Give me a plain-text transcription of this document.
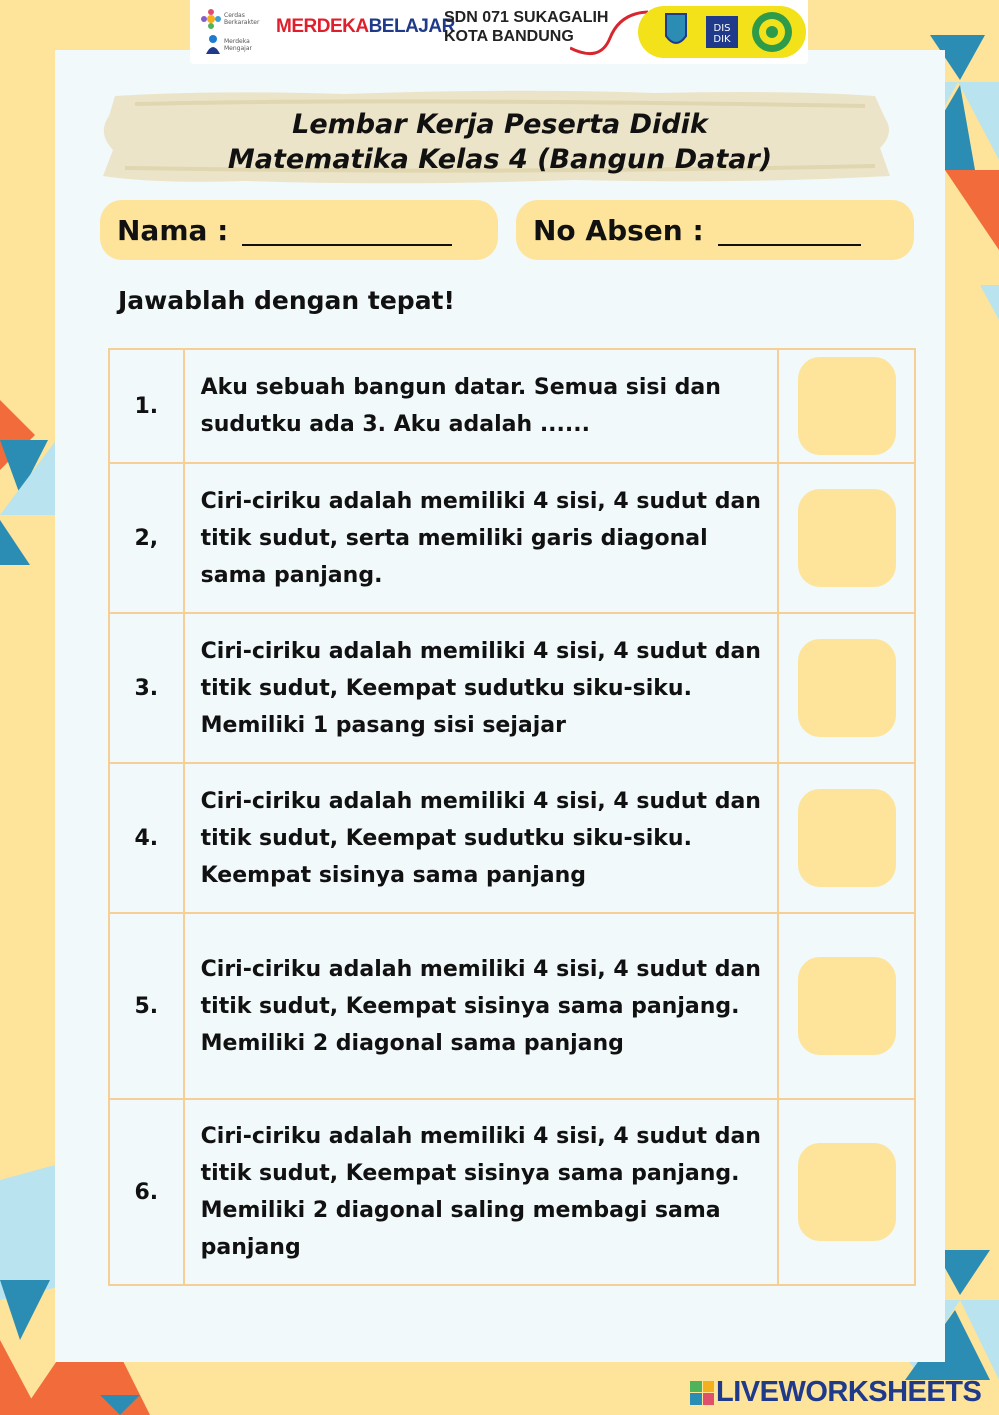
Cerdas
Berkarakter
Merdeka
Mengajar
MERDEKABELAJAR
SDN 071 SUKAGALIH
KOTA BANDUNG	DIS
DIK
Lembar Kerja Peserta Didik
Matematika Kelas 4 (Bangun Datar)
Nama :	No Absen :
Jawablah dengan tepat!
1.	Aku sebuah bangun datar. Semua sisi dan sudutku ada 3. Aku adalah ......	
2,	Ciri-ciriku adalah memiliki 4 sisi, 4 sudut dan titik sudut, serta memiliki garis diagonal sama panjang.	
3.	Ciri-ciriku adalah memiliki 4 sisi, 4 sudut dan titik sudut, Keempat sudutku siku-siku. Memiliki 1 pasang sisi sejajar	
4.	Ciri-ciriku adalah memiliki 4 sisi, 4 sudut dan titik sudut, Keempat sudutku siku-siku. Keempat sisinya sama panjang	
5.	Ciri-ciriku adalah memiliki 4 sisi, 4 sudut dan titik sudut, Keempat sisinya sama panjang. Memiliki 2 diagonal sama panjang	
6.	Ciri-ciriku adalah memiliki 4 sisi, 4 sudut dan titik sudut, Keempat sisinya sama panjang. Memiliki 2 diagonal saling membagi sama panjang	
LIVEWORKSHEETS
